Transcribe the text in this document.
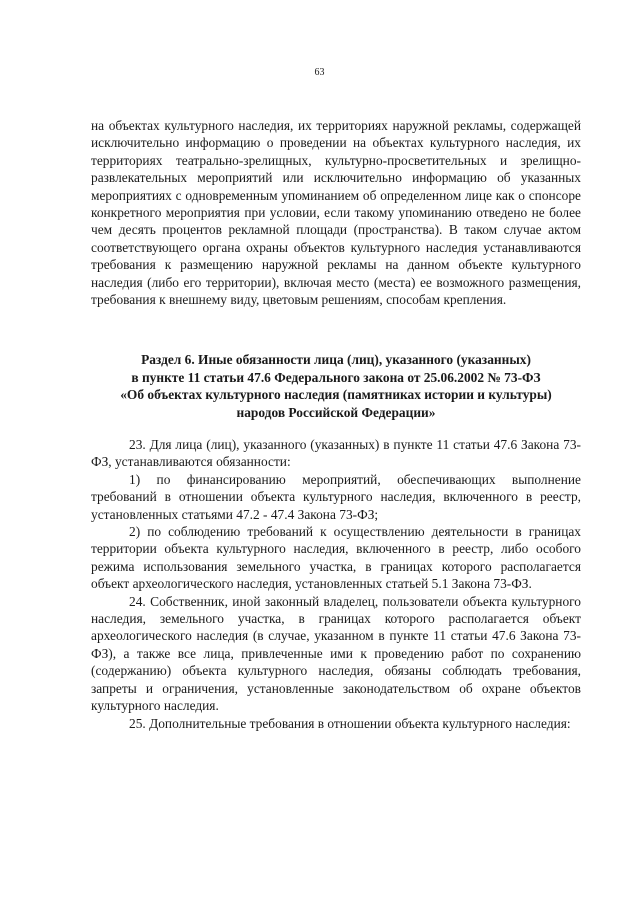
63

на объектах культурного наследия, их территориях наружной рекламы, содержащей исключительно информацию о проведении на объектах культурного наследия, их территориях театрально-зрелищных, культурно-просветительных и зрелищно-развлекательных мероприятий или исключительно информацию об указанных мероприятиях с одновременным упоминанием об определенном лице как о спонсоре конкретного мероприятия при условии, если такому упоминанию отведено не более чем десять процентов рекламной площади (пространства). В таком случае актом соответствующего органа охраны объектов культурного наследия устанавливаются требования к размещению наружной рекламы на данном объекте культурного наследия (либо его территории), включая место (места) ее возможного размещения, требования к внешнему виду, цветовым решениям, способам крепления.

Раздел 6. Иные обязанности лица (лиц), указанного (указанных)
в пункте 11 статьи 47.6 Федерального закона от 25.06.2002 № 73-ФЗ
«Об объектах культурного наследия (памятниках истории и культуры)
народов Российской Федерации»

23. Для лица (лиц), указанного (указанных) в пункте 11 статьи 47.6 Закона 73-ФЗ, устанавливаются обязанности:

1) по финансированию мероприятий, обеспечивающих выполнение требований в отношении объекта культурного наследия, включенного в реестр, установленных статьями 47.2 - 47.4 Закона 73-ФЗ;

2) по соблюдению требований к осуществлению деятельности в границах территории объекта культурного наследия, включенного в реестр, либо особого режима использования земельного участка, в границах которого располагается объект археологического наследия, установленных статьей 5.1 Закона 73-ФЗ.

24. Собственник, иной законный владелец, пользователи объекта культурного наследия, земельного участка, в границах которого располагается объект археологического наследия (в случае, указанном в пункте 11 статьи 47.6 Закона 73-ФЗ), а также все лица, привлеченные ими к проведению работ по сохранению (содержанию) объекта культурного наследия, обязаны соблюдать требования, запреты и ограничения, установленные законодательством об охране объектов культурного наследия.

25. Дополнительные требования в отношении объекта культурного наследия:
